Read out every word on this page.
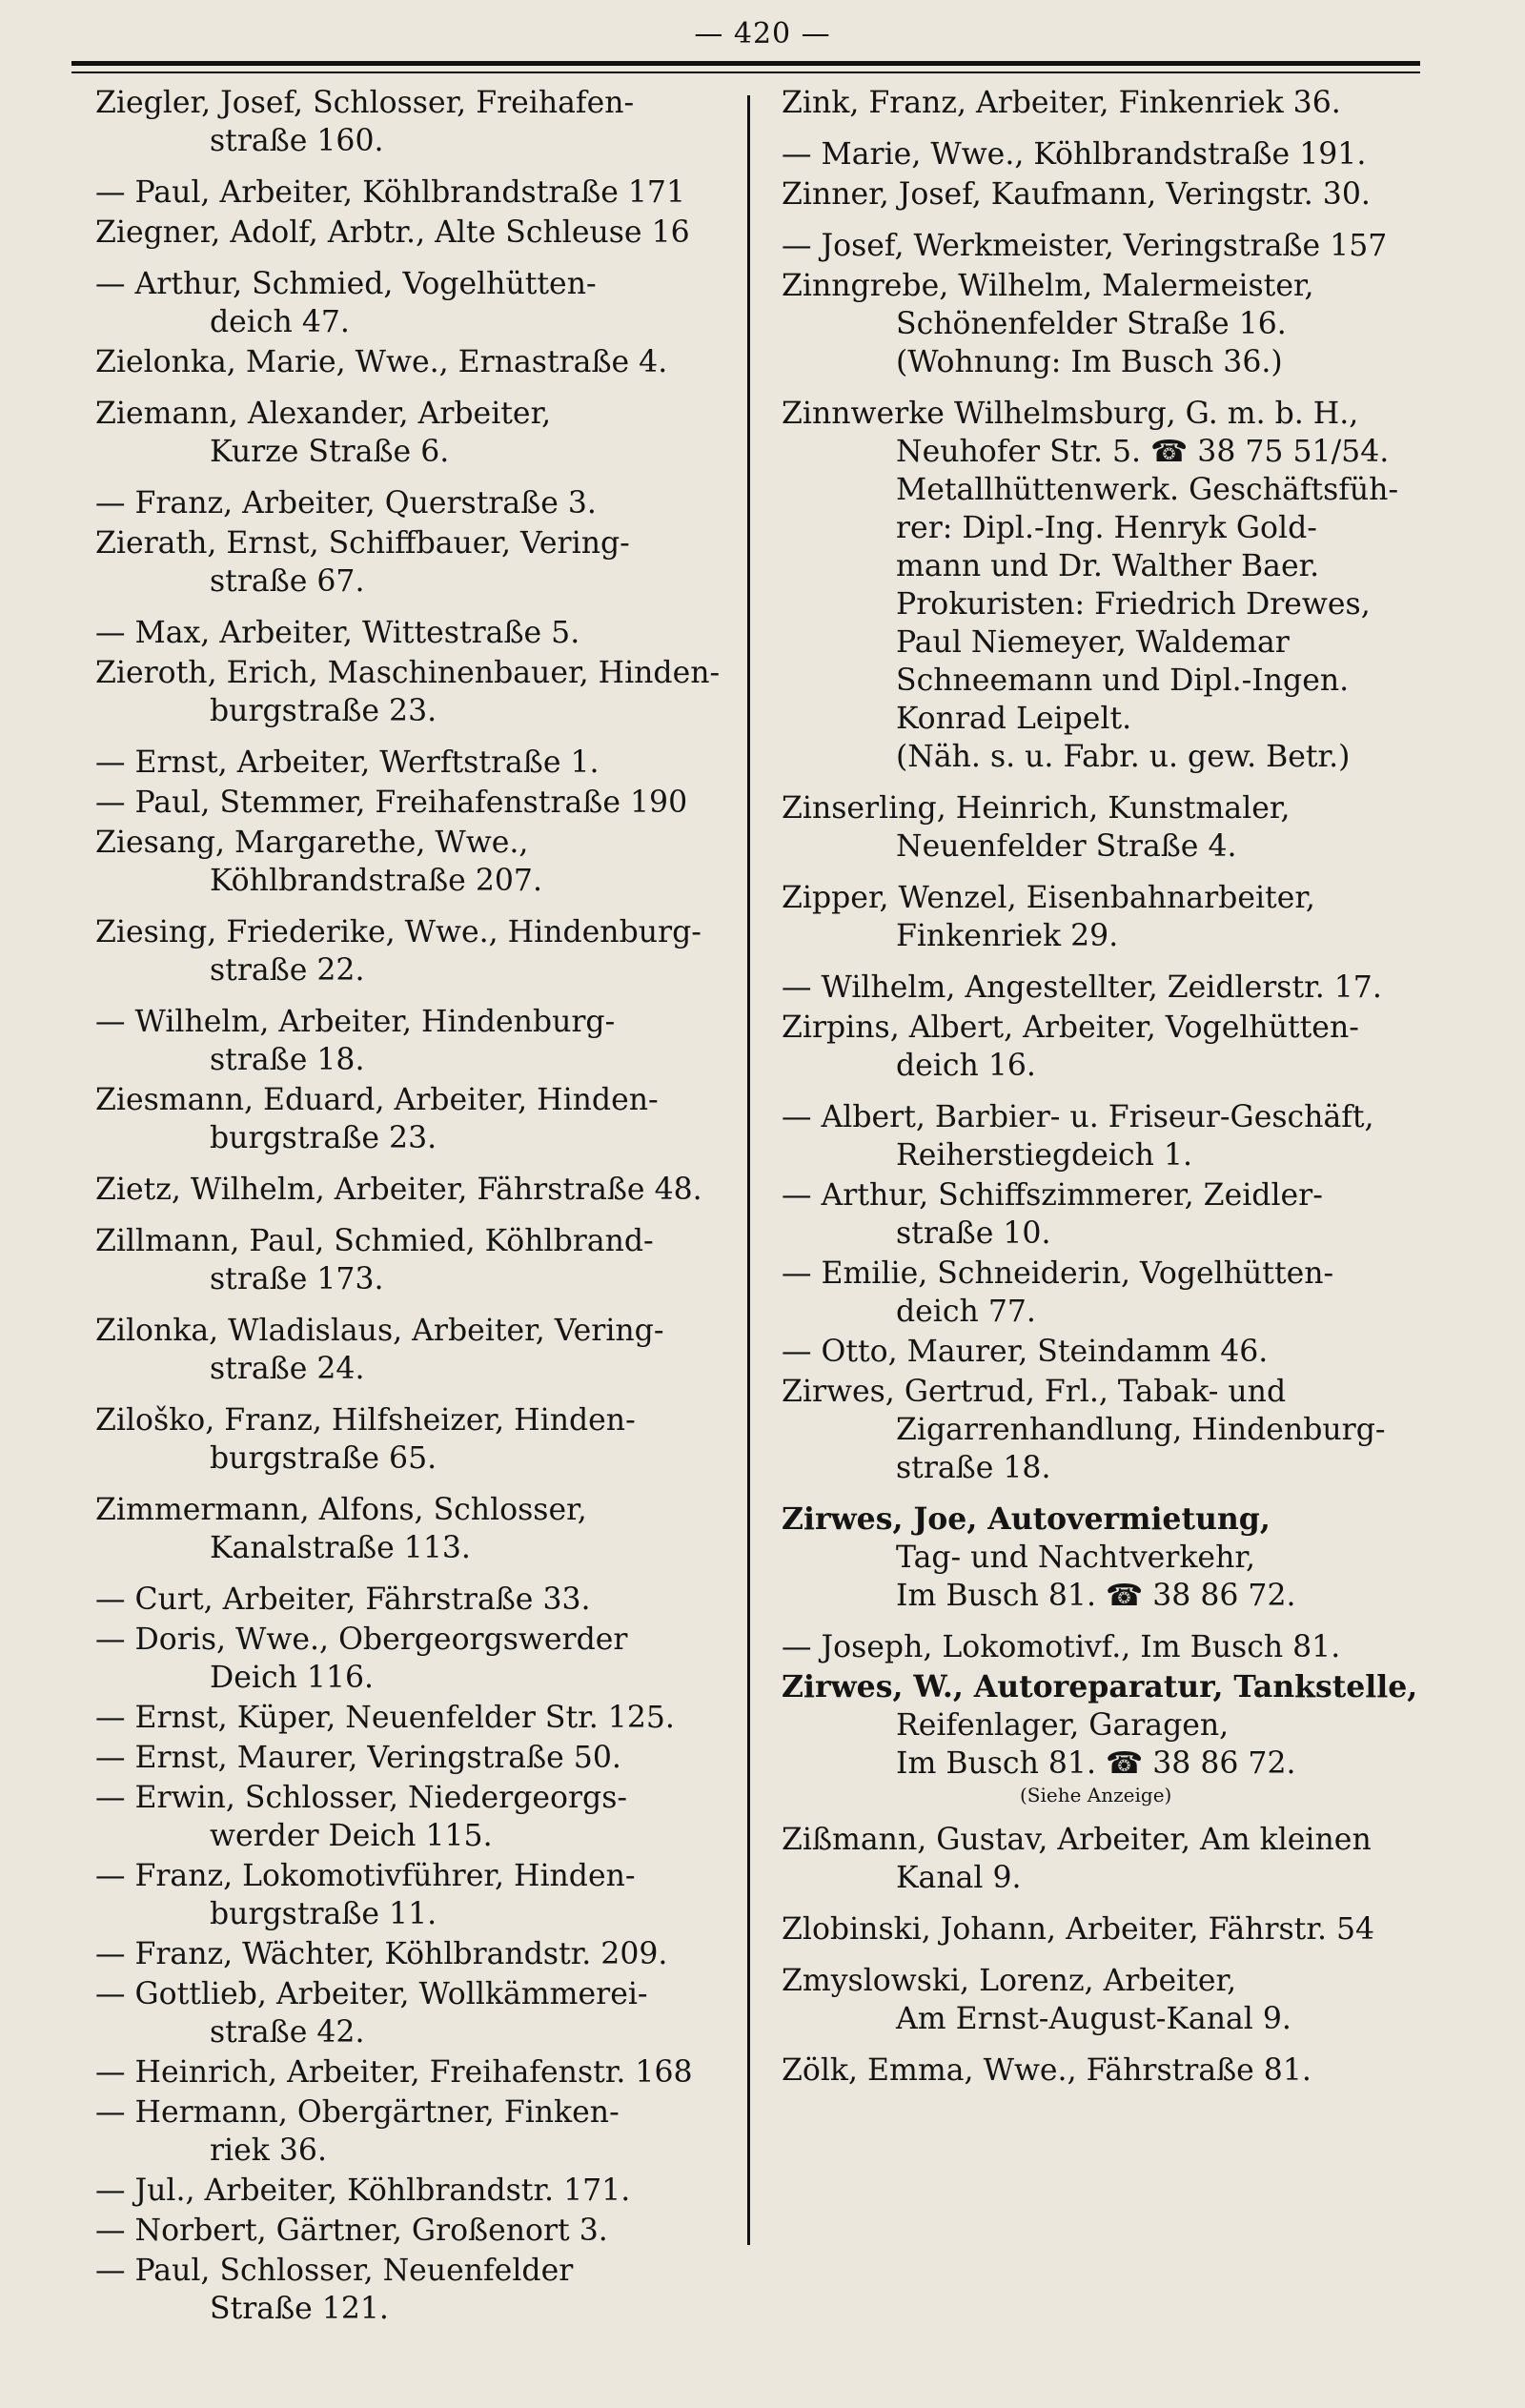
— 420 —
Ziegler, Josef, Schlosser, Freihafen-
straße 160.
— Paul, Arbeiter, Köhlbrandstraße 171
Ziegner, Adolf, Arbtr., Alte Schleuse 16
— Arthur, Schmied, Vogelhütten-
deich 47.
Zielonka, Marie, Wwe., Ernastraße 4.
Ziemann, Alexander, Arbeiter,
Kurze Straße 6.
— Franz, Arbeiter, Querstraße 3.
Zierath, Ernst, Schiffbauer, Vering-
straße 67.
— Max, Arbeiter, Wittestraße 5.
Zieroth, Erich, Maschinenbauer, Hinden-
burgstraße 23.
— Ernst, Arbeiter, Werftstraße 1.
— Paul, Stemmer, Freihafenstraße 190
Ziesang, Margarethe, Wwe.,
Köhlbrandstraße 207.
Ziesing, Friederike, Wwe., Hindenburg-
straße 22.
— Wilhelm, Arbeiter, Hindenburg-
straße 18.
Ziesmann, Eduard, Arbeiter, Hinden-
burgstraße 23.
Zietz, Wilhelm, Arbeiter, Fährstraße 48.
Zillmann, Paul, Schmied, Köhlbrand-
straße 173.
Zilonka, Wladislaus, Arbeiter, Vering-
straße 24.
Ziloško, Franz, Hilfsheizer, Hinden-
burgstraße 65.
Zimmermann, Alfons, Schlosser,
Kanalstraße 113.
— Curt, Arbeiter, Fährstraße 33.
— Doris, Wwe., Obergeorgswerder
Deich 116.
— Ernst, Küper, Neuenfelder Str. 125.
— Ernst, Maurer, Veringstraße 50.
— Erwin, Schlosser, Niedergeorgs-
werder Deich 115.
— Franz, Lokomotivführer, Hinden-
burgstraße 11.
— Franz, Wächter, Köhlbrandstr. 209.
— Gottlieb, Arbeiter, Wollkämmerei-
straße 42.
— Heinrich, Arbeiter, Freihafenstr. 168
— Hermann, Obergärtner, Finken-
riek 36.
— Jul., Arbeiter, Köhlbrandstr. 171.
— Norbert, Gärtner, Großenort 3.
— Paul, Schlosser, Neuenfelder
Straße 121.
Zink, Franz, Arbeiter, Finkenriek 36.
— Marie, Wwe., Köhlbrandstraße 191.
Zinner, Josef, Kaufmann, Veringstr. 30.
— Josef, Werkmeister, Veringstraße 157
Zinngrebe, Wilhelm, Malermeister,
Schönenfelder Straße 16.
(Wohnung: Im Busch 36.)
Zinnwerke Wilhelmsburg, G. m. b. H.,
Neuhofer Str. 5. ☎ 38 75 51/54.
Metallhüttenwerk. Geschäftsfüh-
rer: Dipl.-Ing. Henryk Gold-
mann und Dr. Walther Baer.
Prokuristen: Friedrich Drewes,
Paul Niemeyer, Waldemar
Schneemann und Dipl.-Ingen.
Konrad Leipelt.
(Näh. s. u. Fabr. u. gew. Betr.)
Zinserling, Heinrich, Kunstmaler,
Neuenfelder Straße 4.
Zipper, Wenzel, Eisenbahnarbeiter,
Finkenriek 29.
— Wilhelm, Angestellter, Zeidlerstr. 17.
Zirpins, Albert, Arbeiter, Vogelhütten-
deich 16.
— Albert, Barbier- u. Friseur-Geschäft,
Reiherstiegdeich 1.
— Arthur, Schiffszimmerer, Zeidler-
straße 10.
— Emilie, Schneiderin, Vogelhütten-
deich 77.
— Otto, Maurer, Steindamm 46.
Zirwes, Gertrud, Frl., Tabak- und
Zigarrenhandlung, Hindenburg-
straße 18.
Zirwes, Joe, Autovermietung,
Tag- und Nachtverkehr,
Im Busch 81. ☎ 38 86 72.
— Joseph, Lokomotivf., Im Busch 81.
Zirwes, W., Autoreparatur, Tankstelle,
Reifenlager, Garagen,
Im Busch 81. ☎ 38 86 72.
(Siehe Anzeige)
Zißmann, Gustav, Arbeiter, Am kleinen
Kanal 9.
Zlobinski, Johann, Arbeiter, Fährstr. 54
Zmyslowski, Lorenz, Arbeiter,
Am Ernst-August-Kanal 9.
Zölk, Emma, Wwe., Fährstraße 81.
